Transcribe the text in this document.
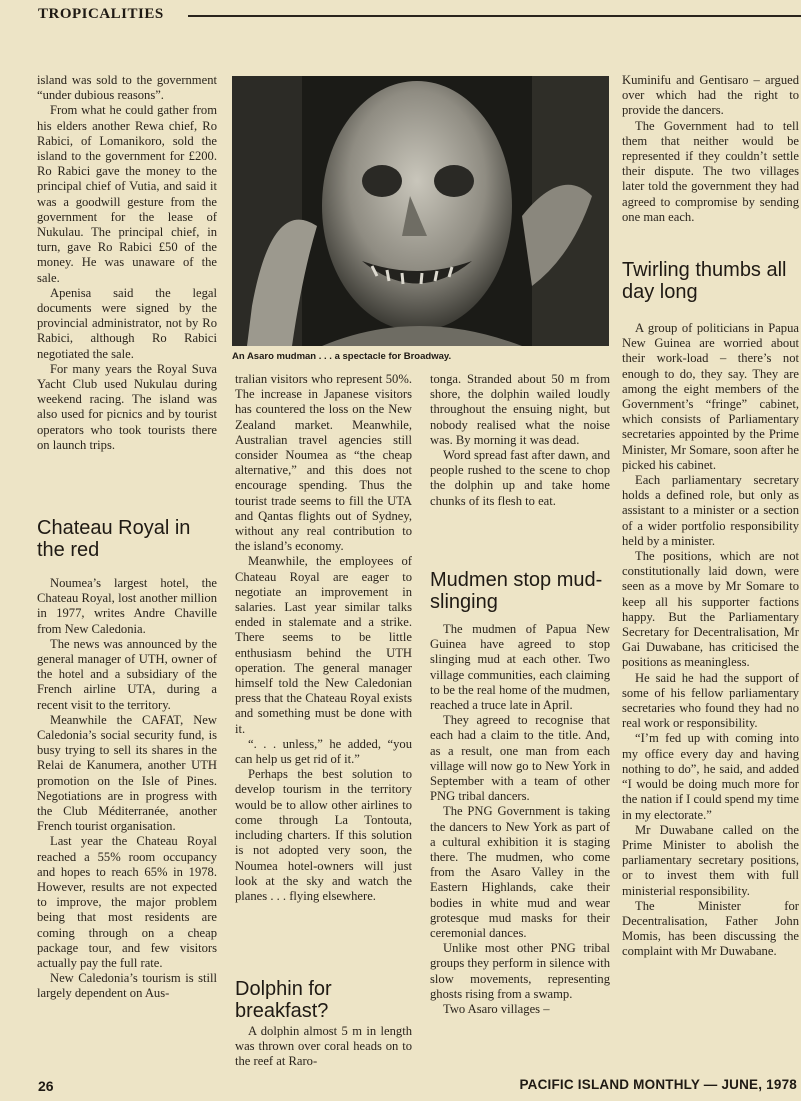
TROPICALITIES

island was sold to the government “under dubious reasons”.

From what he could gather from his elders another Rewa chief, Ro Rabici, of Lomanikoro, sold the island to the government for £200. Ro Rabici gave the money to the principal chief of Vutia, and said it was a goodwill gesture from the government for the lease of Nukulau. The principal chief, in turn, gave Ro Rabici £50 of the money. He was unaware of the sale.

Apenisa said the legal documents were signed by the provincial administrator, not by Ro Rabici, although Ro Rabici negotiated the sale.

For many years the Royal Suva Yacht Club used Nukulau during weekend racing. The island was also used for picnics and by tourist operators who took tourists there on launch trips.

Chateau Royal in the red

Noumea’s largest hotel, the Chateau Royal, lost another million in 1977, writes Andre Chaville from New Caledonia.

The news was announced by the general manager of UTH, owner of the hotel and a subsidiary of the French airline UTA, during a recent visit to the territory.

Meanwhile the CAFAT, New Caledonia’s social security fund, is busy trying to sell its shares in the Relai de Kanumera, another UTH promotion on the Isle of Pines. Negotiations are in progress with the Club Méditerranée, another French tourist organisation.

Last year the Chateau Royal reached a 55% room occupancy and hopes to reach 65% in 1978. However, results are not expected to improve, the major problem being that most residents are coming through on a cheap package tour, and few visitors actually pay the full rate.

New Caledonia’s tourism is still largely dependent on Aus-

An Asaro mudman . . . a spectacle for Broadway.

tralian visitors who represent 50%. The increase in Japanese visitors has countered the loss on the New Zealand market. Meanwhile, Australian travel agencies still consider Noumea as “the cheap alternative,” and this does not encourage spending. Thus the tourist trade seems to fill the UTA and Qantas flights out of Sydney, without any real contribution to the island’s economy.

Meanwhile, the employees of Chateau Royal are eager to negotiate an improvement in salaries. Last year similar talks ended in stalemate and a strike. There seems to be little enthusiasm behind the UTH operation. The general manager himself told the New Caledonian press that the Chateau Royal exists and something must be done with it.

“. . . unless,” he added, “you can help us get rid of it.”

Perhaps the best solution to develop tourism in the territory would be to allow other airlines to come through La Tontouta, including charters. If this solution is not adopted very soon, the Noumea hotel-owners will just look at the sky and watch the planes . . . flying elsewhere.

Dolphin for breakfast?

A dolphin almost 5 m in length was thrown over coral heads on to the reef at Raro-

tonga. Stranded about 50 m from shore, the dolphin wailed loudly throughout the ensuing night, but nobody realised what the noise was. By morning it was dead.

Word spread fast after dawn, and people rushed to the scene to chop the dolphin up and take home chunks of its flesh to eat.

Mudmen stop mud-slinging

The mudmen of Papua New Guinea have agreed to stop slinging mud at each other. Two village communities, each claiming to be the real home of the mudmen, reached a truce late in April.

They agreed to recognise that each had a claim to the title. And, as a result, one man from each village will now go to New York in September with a team of other PNG tribal dancers.

The PNG Government is taking the dancers to New York as part of a cultural exhibition it is staging there. The mudmen, who come from the Asaro Valley in the Eastern Highlands, cake their bodies in white mud and wear grotesque mud masks for their ceremonial dances.

Unlike most other PNG tribal groups they perform in silence with slow movements, representing ghosts rising from a swamp.

Two Asaro villages –

Kuminifu and Gentisaro – argued over which had the right to provide the dancers.

The Government had to tell them that neither would be represented if they couldn’t settle their dispute. The two villages later told the government they had agreed to compromise by sending one man each.

Twirling thumbs all day long

A group of politicians in Papua New Guinea are worried about their work-load – there’s not enough to do, they say. They are among the eight members of the Government’s “fringe” cabinet, which consists of Parliamentary secretaries appointed by the Prime Minister, Mr Somare, soon after he picked his cabinet.

Each parliamentary secretary holds a defined role, but only as assistant to a minister or a section of a wider portfolio responsibility held by a minister.

The positions, which are not constitutionally laid down, were seen as a move by Mr Somare to keep all his supporter factions happy. But the Parliamentary Secretary for Decentralisation, Mr Gai Duwabane, has criticised the positions as meaningless.

He said he had the support of some of his fellow parliamentary secretaries who found they had no real work or responsibility.

“I’m fed up with coming into my office every day and having nothing to do”, he said, and added “I would be doing much more for the nation if I could spend my time in my electorate.”

Mr Duwabane called on the Prime Minister to abolish the parliamentary secretary positions, or to invest them with full ministerial responsibility.

The Minister for Decentralisation, Father John Momis, has been discussing the complaint with Mr Duwabane.

26	PACIFIC ISLAND MONTHLY — JUNE, 1978
